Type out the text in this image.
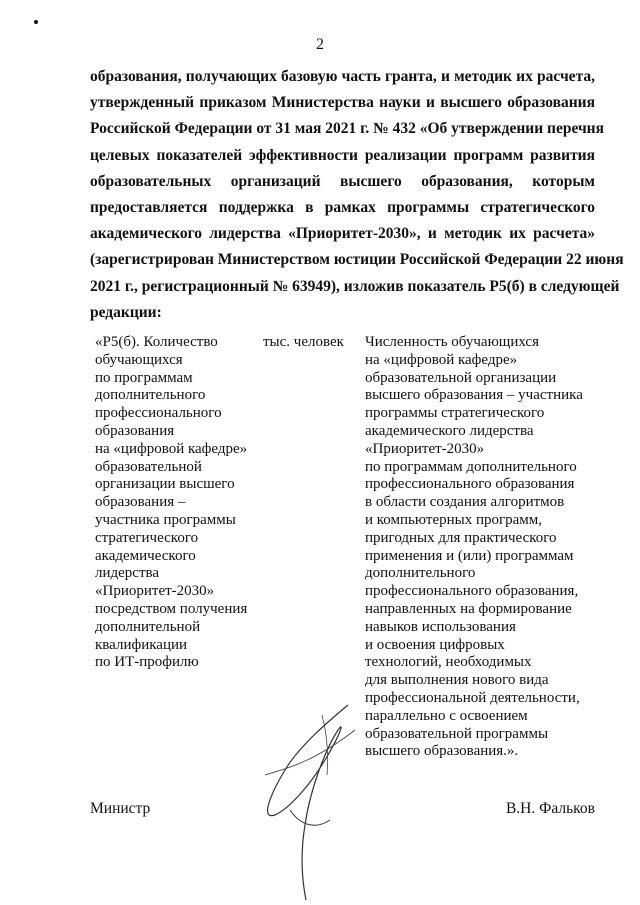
2
образования, получающих базовую часть гранта, и методик их расчета,
утвержденный приказом Министерства науки и высшего образования
Российской Федерации от 31 мая 2021 г. № 432 «Об утверждении перечня
целевых показателей эффективности реализации программ развития
образовательных организаций высшего образования, которым
предоставляется поддержка в рамках программы стратегического
академического лидерства «Приоритет-2030», и методик их расчета»
(зарегистрирован Министерством юстиции Российской Федерации 22 июня
2021 г., регистрационный № 63949), изложив показатель Р5(б) в следующей
редакции:
«Р5(б). Количество
обучающихся
по программам
дополнительного
профессионального
образования
на «цифровой кафедре»
образовательной
организации высшего
образования –
участника программы
стратегического
академического
лидерства
«Приоритет-2030»
посредством получения
дополнительной
квалификации
по ИТ-профилю
тыс. человек	Численность обучающихся
на «цифровой кафедре»
образовательной организации
высшего образования – участника
программы стратегического
академического лидерства
«Приоритет-2030»
по программам дополнительного
профессионального образования
в области создания алгоритмов
и компьютерных программ,
пригодных для практического
применения и (или) программам
дополнительного
профессионального образования,
направленных на формирование
навыков использования
и освоения цифровых
технологий, необходимых
для выполнения нового вида
профессиональной деятельности,
параллельно с освоением
образовательной программы
высшего образования.».
Министр	В.Н. Фальков
